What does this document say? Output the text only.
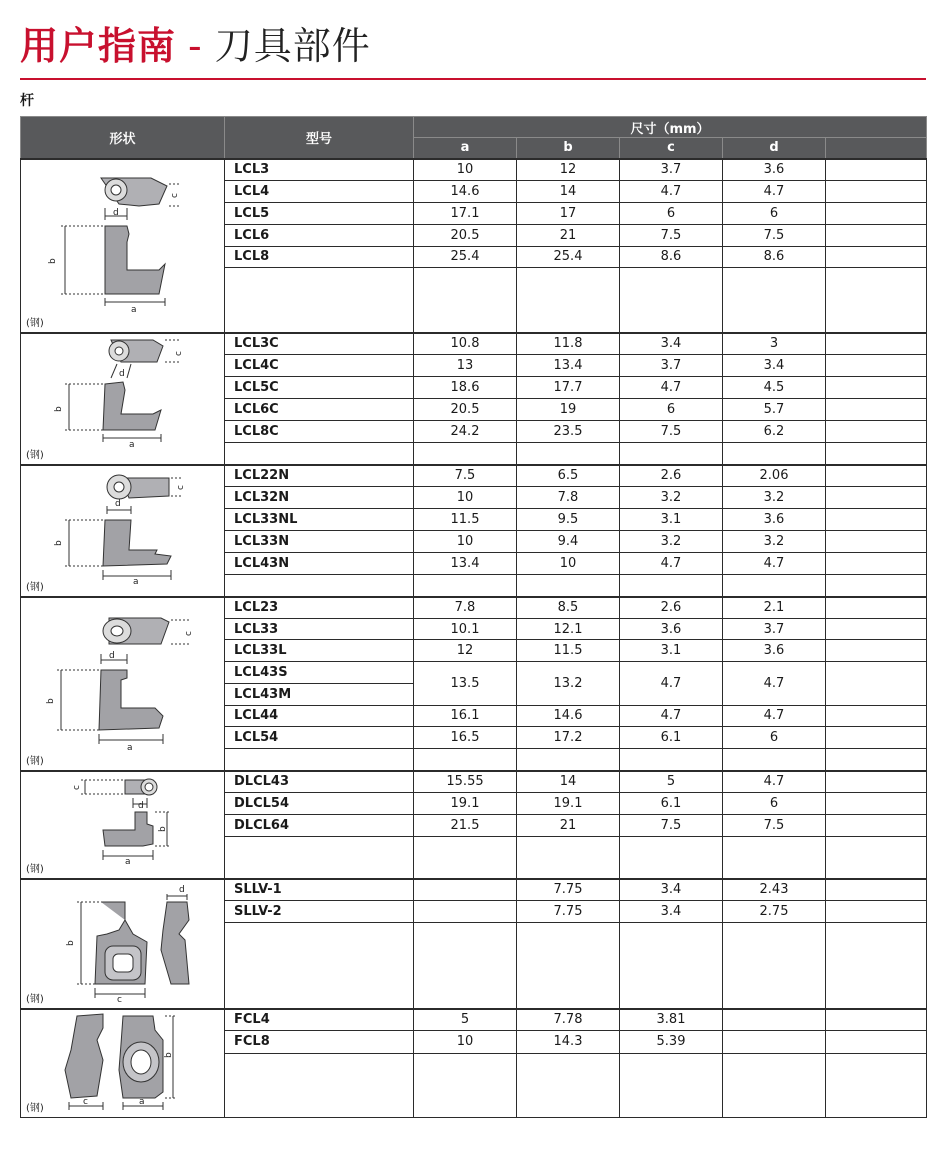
用户指南 - 刀具部件
杆
形状	型号	尺寸（mm）				
		a	b	c	d	

c
d
b
a
(钢)	LCL3	10	12	3.7	3.6	
	LCL4	14.6	14	4.7	4.7	
	LCL5	17.1	17	6	6	
	LCL6	20.5	21	7.5	7.5	
	LCL8	25.4	25.4	8.6	8.6	

c
d
b
a
(钢)	LCL3C	10.8	11.8	3.4	3	
	LCL4C	13	13.4	3.7	3.4	
	LCL5C	18.6	17.7	4.7	4.5	
	LCL6C	20.5	19	6	5.7	
	LCL8C	24.2	23.5	7.5	6.2	

c
d
b
a
(钢)	LCL22N	7.5	6.5	2.6	2.06	
	LCL32N	10	7.8	3.2	3.2	
	LCL33NL	11.5	9.5	3.1	3.6	
	LCL33N	10	9.4	3.2	3.2	
	LCL43N	13.4	10	4.7	4.7	

c
d
b
a
(钢)	LCL23	7.8	8.5	2.6	2.1	
	LCL33	10.1	12.1	3.6	3.7	
	LCL33L	12	11.5	3.1	3.6	
	LCL43S	13.5	13.2	4.7	4.7	
	LCL43M					
	LCL44	16.1	14.6	4.7	4.7	
	LCL54	16.5	17.2	6.1	6	

c
d
b
a
(钢)	DLCL43	15.55	14	5	4.7	
	DLCL54	19.1	19.1	6.1	6	
	DLCL64	21.5	21	7.5	7.5	

b
c
d
(钢)	SLLV-1		7.75	3.4	2.43	
	SLLV-2		7.75	3.4	2.75	

c a
b
(钢)	FCL4	5	7.78	3.81		
	FCL8	10	14.3	5.39		
